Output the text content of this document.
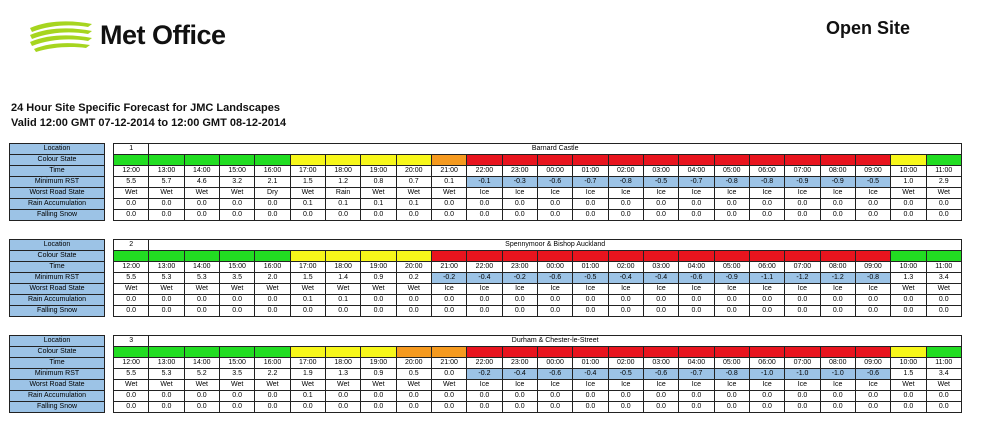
Met Office	Open Site
24 Hour Site Specific Forecast for JMC Landscapes
Valid 12:00 GMT 07-12-2014 to 12:00 GMT 08-12-2014
Location		1	Barnard Castle																						
Colour State																									
Time		12:00	13:00	14:00	15:00	16:00	17:00	18:00	19:00	20:00	21:00	22:00	23:00	00:00	01:00	02:00	03:00	04:00	05:00	06:00	07:00	08:00	09:00	10:00	11:00
Minimum RST		5.5	5.7	4.6	3.2	2.1	1.5	1.2	0.8	0.7	0.1	-0.1	-0.3	-0.6	-0.7	-0.8	-0.5	-0.7	-0.8	-0.8	-0.9	-0.9	-0.5	1.0	2.9
Worst Road State		Wet	Wet	Wet	Wet	Dry	Wet	Rain	Wet	Wet	Wet	Ice	Ice	Ice	Ice	Ice	Ice	Ice	Ice	Ice	Ice	Ice	Ice	Wet	Wet
Rain Accumulation		0.0	0.0	0.0	0.0	0.0	0.1	0.1	0.1	0.1	0.0	0.0	0.0	0.0	0.0	0.0	0.0	0.0	0.0	0.0	0.0	0.0	0.0	0.0	0.0
Falling Snow		0.0	0.0	0.0	0.0	0.0	0.0	0.0	0.0	0.0	0.0	0.0	0.0	0.0	0.0	0.0	0.0	0.0	0.0	0.0	0.0	0.0	0.0	0.0	0.0
Location		2	Spennymoor & Bishop Auckland																						
Colour State																									
Time		12:00	13:00	14:00	15:00	16:00	17:00	18:00	19:00	20:00	21:00	22:00	23:00	00:00	01:00	02:00	03:00	04:00	05:00	06:00	07:00	08:00	09:00	10:00	11:00
Minimum RST		5.5	5.3	5.3	3.5	2.0	1.5	1.4	0.9	0.2	-0.2	-0.4	-0.2	-0.6	-0.5	-0.4	-0.4	-0.6	-0.9	-1.1	-1.2	-1.2	-0.8	1.3	3.4
Worst Road State		Wet	Wet	Wet	Wet	Wet	Wet	Wet	Wet	Wet	Ice	Ice	Ice	Ice	Ice	Ice	Ice	Ice	Ice	Ice	Ice	Ice	Ice	Wet	Wet
Rain Accumulation		0.0	0.0	0.0	0.0	0.0	0.1	0.1	0.0	0.0	0.0	0.0	0.0	0.0	0.0	0.0	0.0	0.0	0.0	0.0	0.0	0.0	0.0	0.0	0.0
Falling Snow		0.0	0.0	0.0	0.0	0.0	0.0	0.0	0.0	0.0	0.0	0.0	0.0	0.0	0.0	0.0	0.0	0.0	0.0	0.0	0.0	0.0	0.0	0.0	0.0
Location		3	Durham & Chester-le-Street																						
Colour State																									
Time		12:00	13:00	14:00	15:00	16:00	17:00	18:00	19:00	20:00	21:00	22:00	23:00	00:00	01:00	02:00	03:00	04:00	05:00	06:00	07:00	08:00	09:00	10:00	11:00
Minimum RST		5.5	5.3	5.2	3.5	2.2	1.9	1.3	0.9	0.5	0.0	-0.2	-0.4	-0.6	-0.4	-0.5	-0.6	-0.7	-0.8	-1.0	-1.0	-1.0	-0.6	1.5	3.4
Worst Road State		Wet	Wet	Wet	Wet	Wet	Wet	Wet	Wet	Wet	Wet	Ice	Ice	Ice	Ice	Ice	Ice	Ice	Ice	Ice	Ice	Ice	Ice	Wet	Wet
Rain Accumulation		0.0	0.0	0.0	0.0	0.0	0.1	0.0	0.0	0.0	0.0	0.0	0.0	0.0	0.0	0.0	0.0	0.0	0.0	0.0	0.0	0.0	0.0	0.0	0.0
Falling Snow		0.0	0.0	0.0	0.0	0.0	0.0	0.0	0.0	0.0	0.0	0.0	0.0	0.0	0.0	0.0	0.0	0.0	0.0	0.0	0.0	0.0	0.0	0.0	0.0
